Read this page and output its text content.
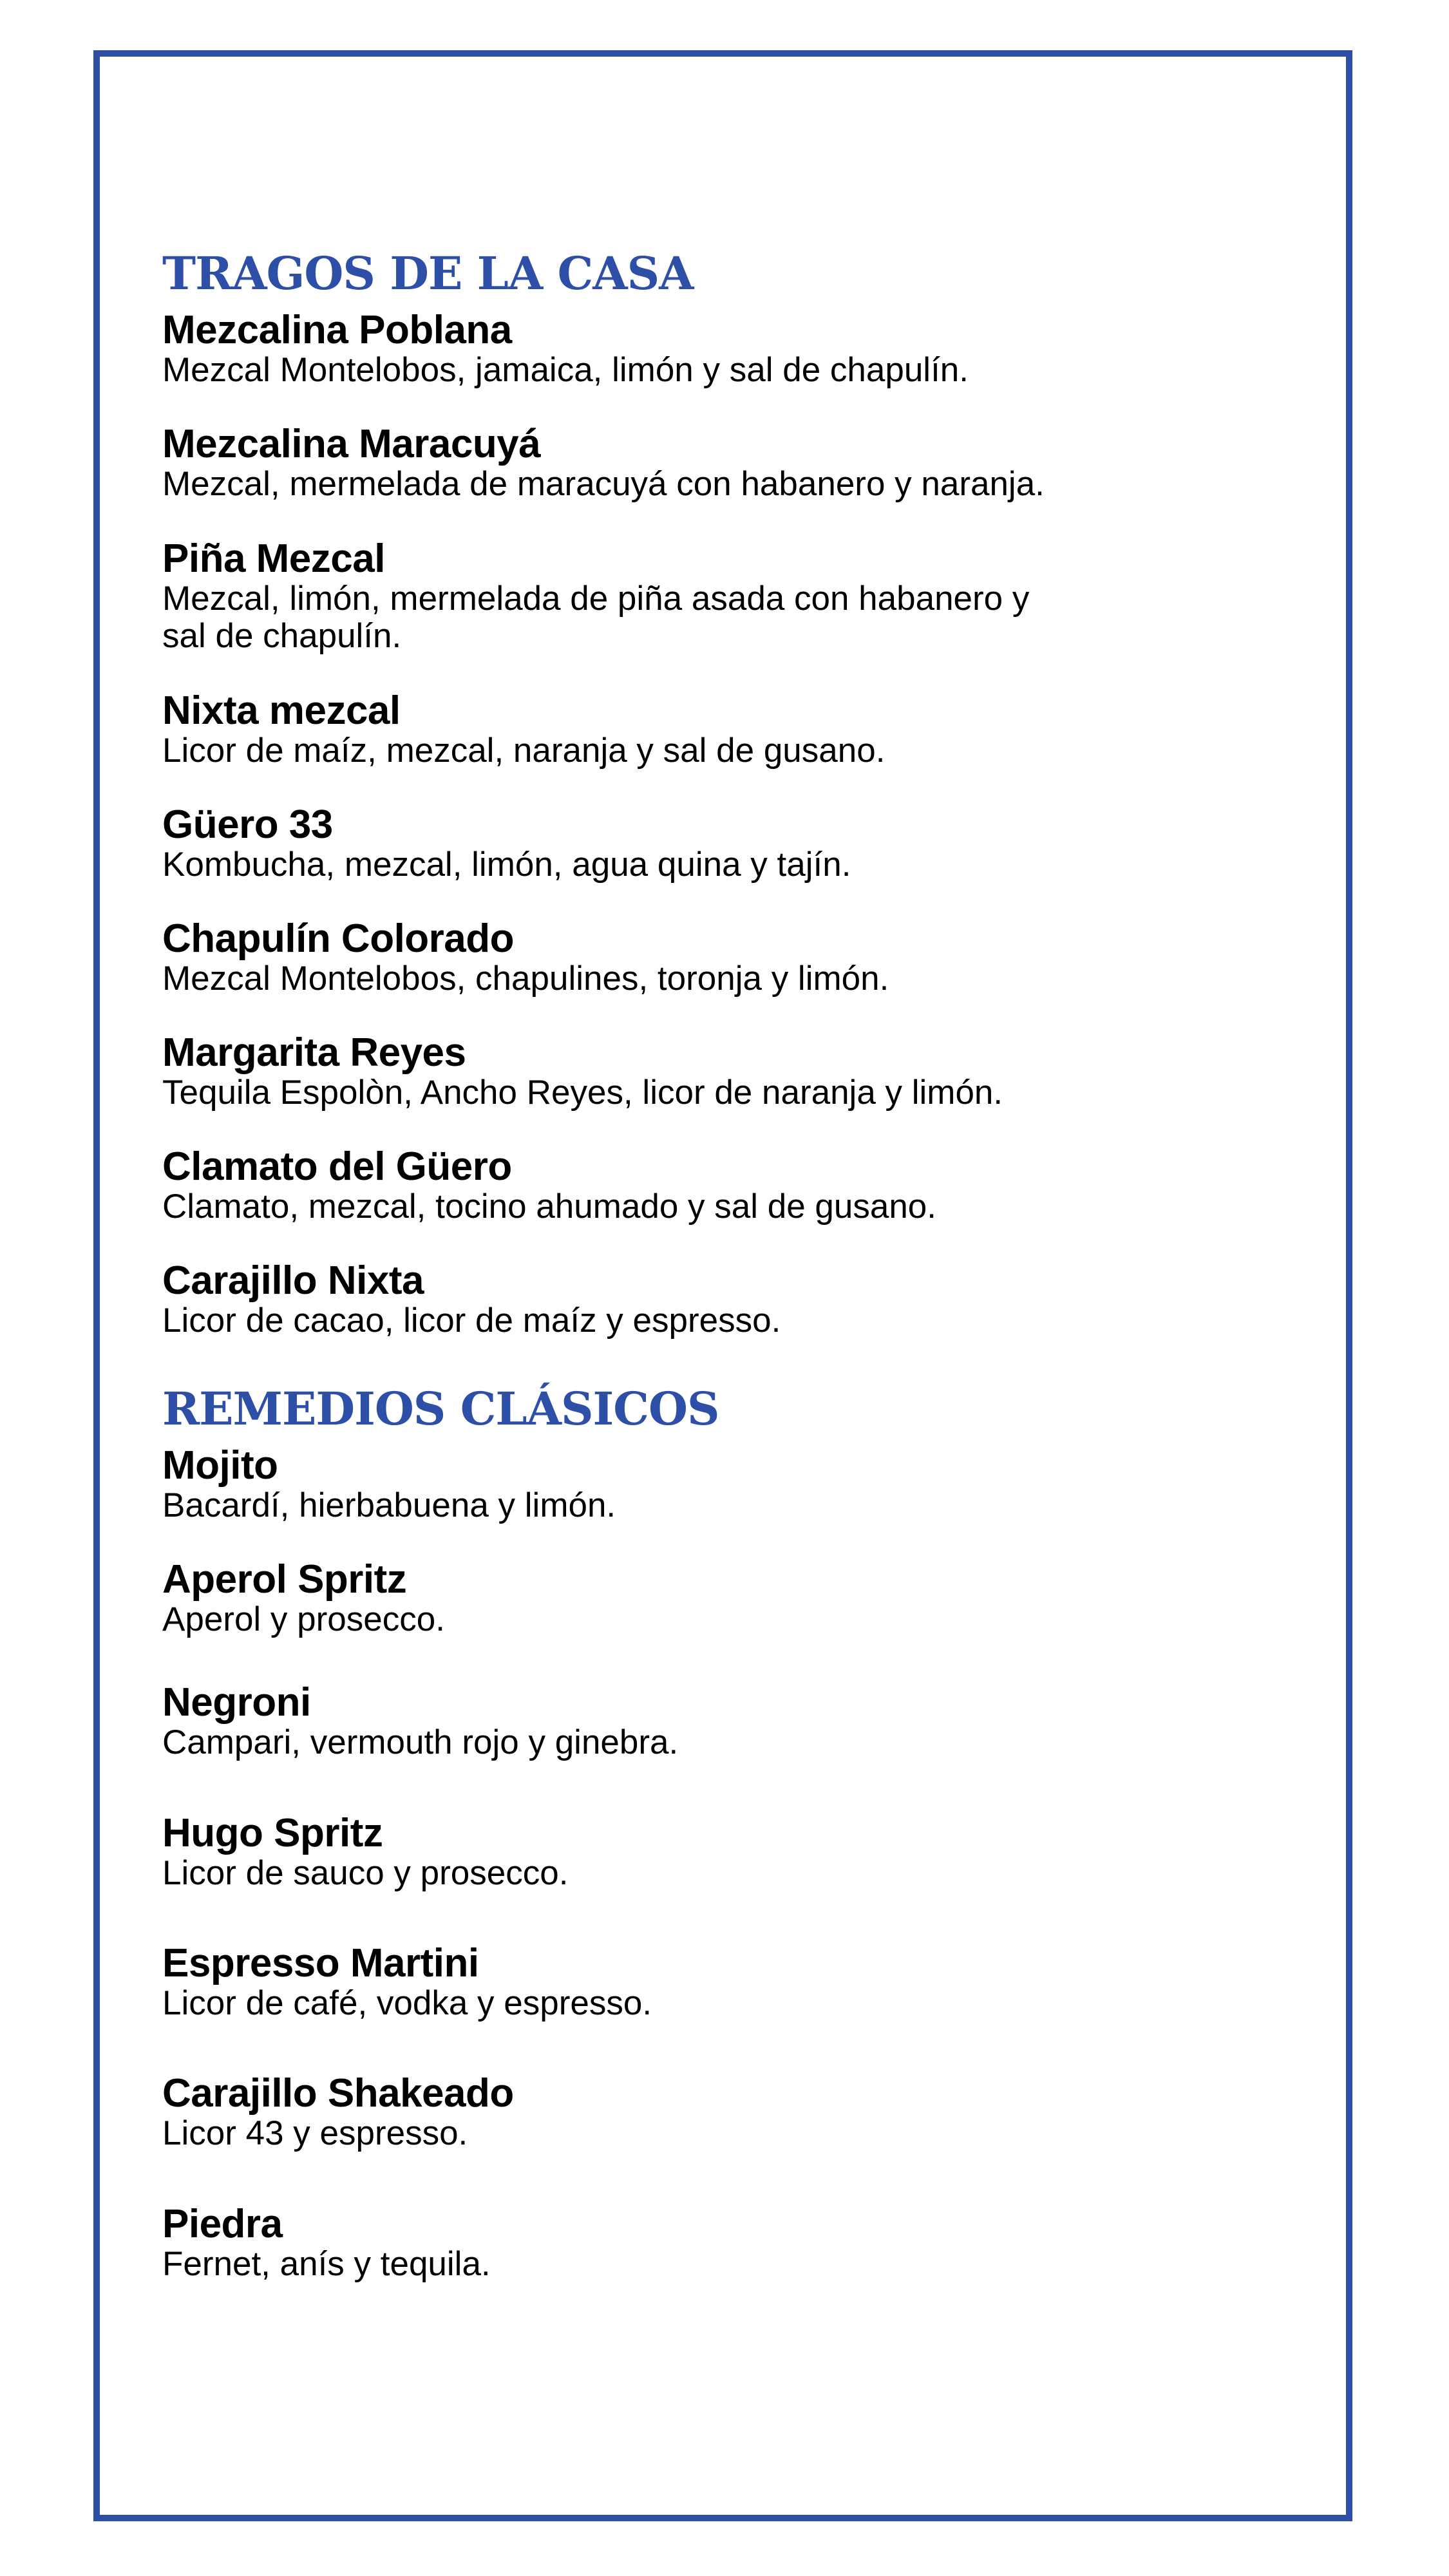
TRAGOS DE LA CASA
Mezcalina Poblana
Mezcal Montelobos, jamaica, limón y sal de chapulín.
Mezcalina Maracuyá
Mezcal, mermelada de maracuyá con habanero y naranja.
Piña Mezcal
Mezcal, limón, mermelada de piña asada con habanero y
sal de chapulín.
Nixta mezcal
Licor de maíz, mezcal, naranja y sal de gusano.
Güero 33
Kombucha, mezcal, limón, agua quina y tajín.
Chapulín Colorado
Mezcal Montelobos, chapulines, toronja y limón.
Margarita Reyes
Tequila Espolòn, Ancho Reyes, licor de naranja y limón.
Clamato del Güero
Clamato, mezcal, tocino ahumado y sal de gusano.
Carajillo Nixta
Licor de cacao, licor de maíz y espresso.
REMEDIOS CLÁSICOS
Mojito
Bacardí, hierbabuena y limón.
Aperol Spritz
Aperol y prosecco.
Negroni
Campari, vermouth rojo y ginebra.
Hugo Spritz
Licor de sauco y prosecco.
Espresso Martini
Licor de café, vodka y espresso.
Carajillo Shakeado
Licor 43 y espresso.
Piedra
Fernet, anís y tequila.
